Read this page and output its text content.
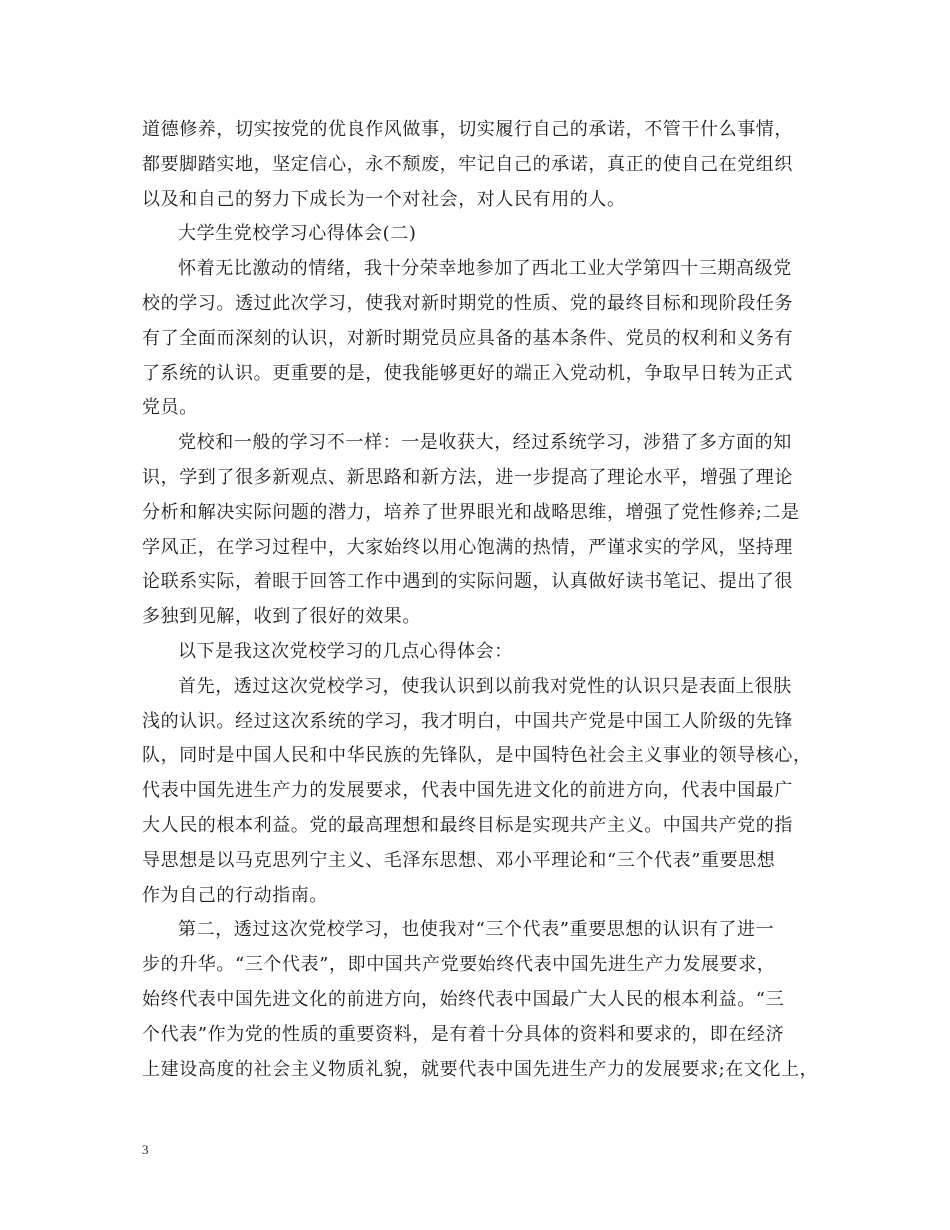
道德修养，切实按党的优良作风做事，切实履行自己的承诺，不管干什么事情，
都要脚踏实地，坚定信心，永不颓废，牢记自己的承诺，真正的使自己在党组织
以及和自己的努力下成长为一个对社会，对人民有用的人。
大学生党校学习心得体会(二)
怀着无比激动的情绪，我十分荣幸地参加了西北工业大学第四十三期高级党
校的学习。透过此次学习，使我对新时期党的性质、党的最终目标和现阶段任务
有了全面而深刻的认识，对新时期党员应具备的基本条件、党员的权利和义务有
了系统的认识。更重要的是，使我能够更好的端正入党动机，争取早日转为正式
党员。
党校和一般的学习不一样：一是收获大，经过系统学习，涉猎了多方面的知
识，学到了很多新观点、新思路和新方法，进一步提高了理论水平，增强了理论
分析和解决实际问题的潜力，培养了世界眼光和战略思维，增强了党性修养;二是
学风正，在学习过程中，大家始终以用心饱满的热情，严谨求实的学风，坚持理
论联系实际，着眼于回答工作中遇到的实际问题，认真做好读书笔记、提出了很
多独到见解，收到了很好的效果。
以下是我这次党校学习的几点心得体会：
首先，透过这次党校学习，使我认识到以前我对党性的认识只是表面上很肤
浅的认识。经过这次系统的学习，我才明白，中国共产党是中国工人阶级的先锋
队，同时是中国人民和中华民族的先锋队，是中国特色社会主义事业的领导核心，
代表中国先进生产力的发展要求，代表中国先进文化的前进方向，代表中国最广
大人民的根本利益。党的最高理想和最终目标是实现共产主义。中国共产党的指
导思想是以马克思列宁主义、毛泽东思想、邓小平理论和“三个代表”重要思想
作为自己的行动指南。
第二，透过这次党校学习，也使我对“三个代表”重要思想的认识有了进一
步的升华。“三个代表”，即中国共产党要始终代表中国先进生产力发展要求，
始终代表中国先进文化的前进方向，始终代表中国最广大人民的根本利益。“三
个代表”作为党的性质的重要资料，是有着十分具体的资料和要求的，即在经济
上建设高度的社会主义物质礼貌，就要代表中国先进生产力的发展要求;在文化上，
3
